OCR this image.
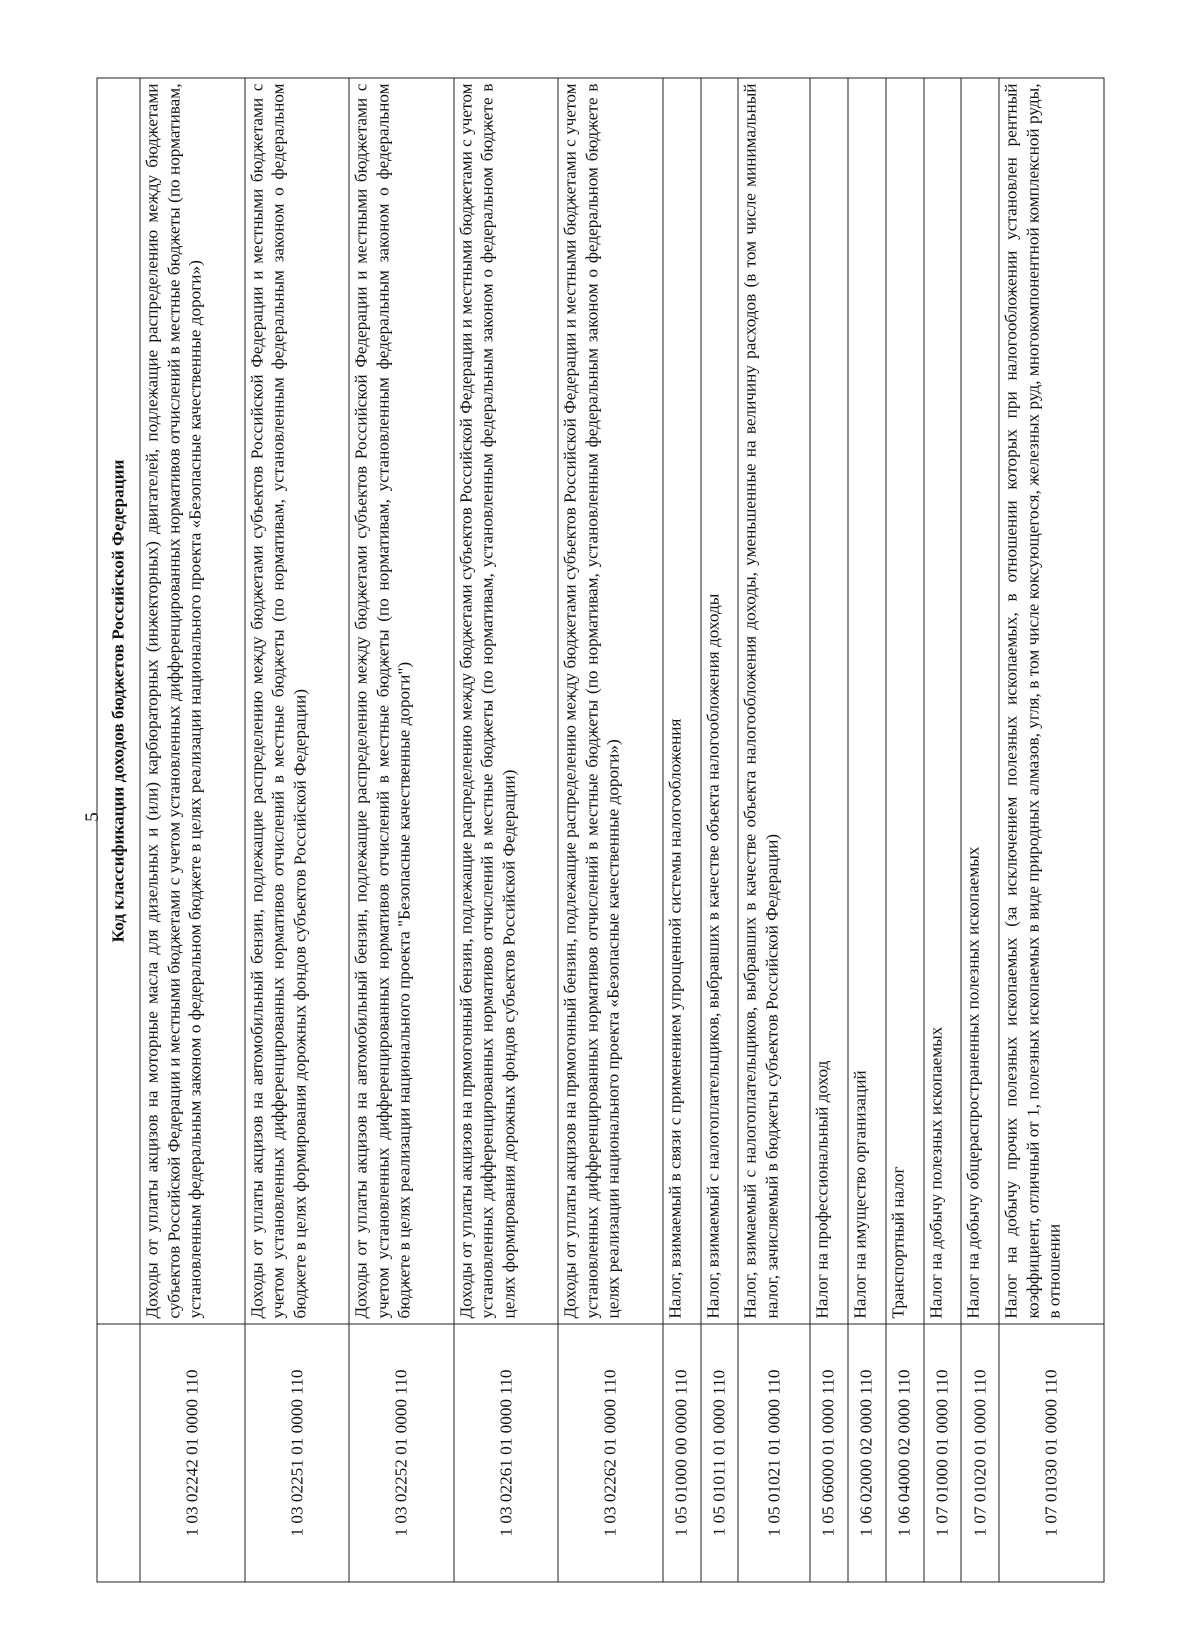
5
	Код классификации доходов бюджетов Российской Федерации
1 03 02242 01 0000 110	Доходы от уплаты акцизов на моторные масла для дизельных и (или) карбюраторных (инжекторных) двигателей, подлежащие распределению между бюджетами субъектов Российской Федерации и местными бюджетами с учетом установленных дифференцированных нормативов отчислений в местные бюджеты (по нормативам, установленным федеральным законом о федеральном бюджете в целях реализации национального проекта «Безопасные качественные дороги»)
1 03 02251 01 0000 110	Доходы от уплаты акцизов на автомобильный бензин, подлежащие распределению между бюджетами субъектов Российской Федерации и местными бюджетами с учетом установленных дифференцированных нормативов отчислений в местные бюджеты (по нормативам, установленным федеральным законом о федеральном бюджете в целях формирования дорожных фондов субъектов Российской Федерации)
1 03 02252 01 0000 110	Доходы от уплаты акцизов на автомобильный бензин, подлежащие распределению между бюджетами субъектов Российской Федерации и местными бюджетами с учетом установленных дифференцированных нормативов отчислений в местные бюджеты (по нормативам, установленным федеральным законом о федеральном бюджете в целях реализации национального проекта "Безопасные качественные дороги")
1 03 02261 01 0000 110	Доходы от уплаты акцизов на прямогонный бензин, подлежащие распределению между бюджетами субъектов Российской Федерации и местными бюджетами с учетом установленных дифференцированных нормативов отчислений в местные бюджеты (по нормативам, установленным федеральным законом о федеральном бюджете в целях формирования дорожных фондов субъектов Российской Федерации)
1 03 02262 01 0000 110	Доходы от уплаты акцизов на прямогонный бензин, подлежащие распределению между бюджетами субъектов Российской Федерации и местными бюджетами с учетом установленных дифференцированных нормативов отчислений в местные бюджеты (по нормативам, установленным федеральным законом о федеральном бюджете в целях реализации национального проекта «Безопасные качественные дороги»)
1 05 01000 00 0000 110	Налог, взимаемый в связи с применением упрощенной системы налогообложения
1 05 01011 01 0000 110	Налог, взимаемый с налогоплательщиков, выбравших в качестве объекта налогообложения доходы
1 05 01021 01 0000 110	Налог, взимаемый с налогоплательщиков, выбравших в качестве объекта налогообложения доходы, уменьшенные на величину расходов (в том числе минимальный налог, зачисляемый в бюджеты субъектов Российской Федерации)
1 05 06000 01 0000 110	Налог на профессиональный доход
1 06 02000 02 0000 110	Налог на имущество организаций
1 06 04000 02 0000 110	Транспортный налог
1 07 01000 01 0000 110	Налог на добычу полезных ископаемых
1 07 01020 01 0000 110	Налог на добычу общераспространенных полезных ископаемых
1 07 01030 01 0000 110	Налог на добычу прочих полезных ископаемых (за исключением полезных ископаемых, в отношении которых при налогообложении установлен рентный коэффициент, отличный от 1, полезных ископаемых в виде природных алмазов, угля, в том числе коксующегося, железных руд, многокомпонентной комплексной руды, в отношении
